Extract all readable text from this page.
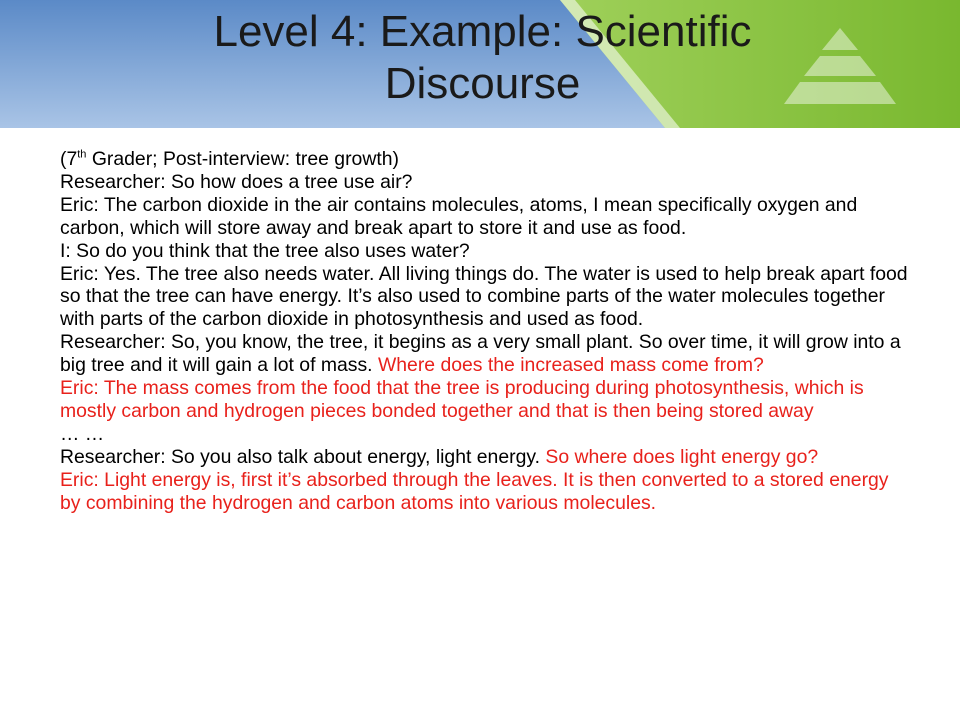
Level 4: Example: Scientific
Discourse

(7th Grader; Post-interview: tree growth)

Researcher: So how does a tree use air?

Eric: The carbon dioxide in the air contains molecules, atoms, I mean specifically oxygen and carbon, which will store away and break apart to store it and use as food.

I: So do you think that the tree also uses water?

Eric: Yes. The tree also needs water. All living things do. The water is used to help break apart food so that the tree can have energy. It’s also used to combine parts of the water molecules together with parts of the carbon dioxide in photosynthesis and used as food.

Researcher: So, you know, the tree, it begins as a very small plant. So over time, it will grow into a big tree and it will gain a lot of mass. Where does the increased mass come from?

Eric: The mass comes from the food that the tree is producing during photosynthesis, which is mostly carbon and hydrogen pieces bonded together and that is then being stored away

… …

Researcher: So you also talk about energy, light energy. So where does light energy go?

Eric: Light energy is, first it’s absorbed through the leaves. It is then converted to a stored energy by combining the hydrogen and carbon atoms into various molecules.
